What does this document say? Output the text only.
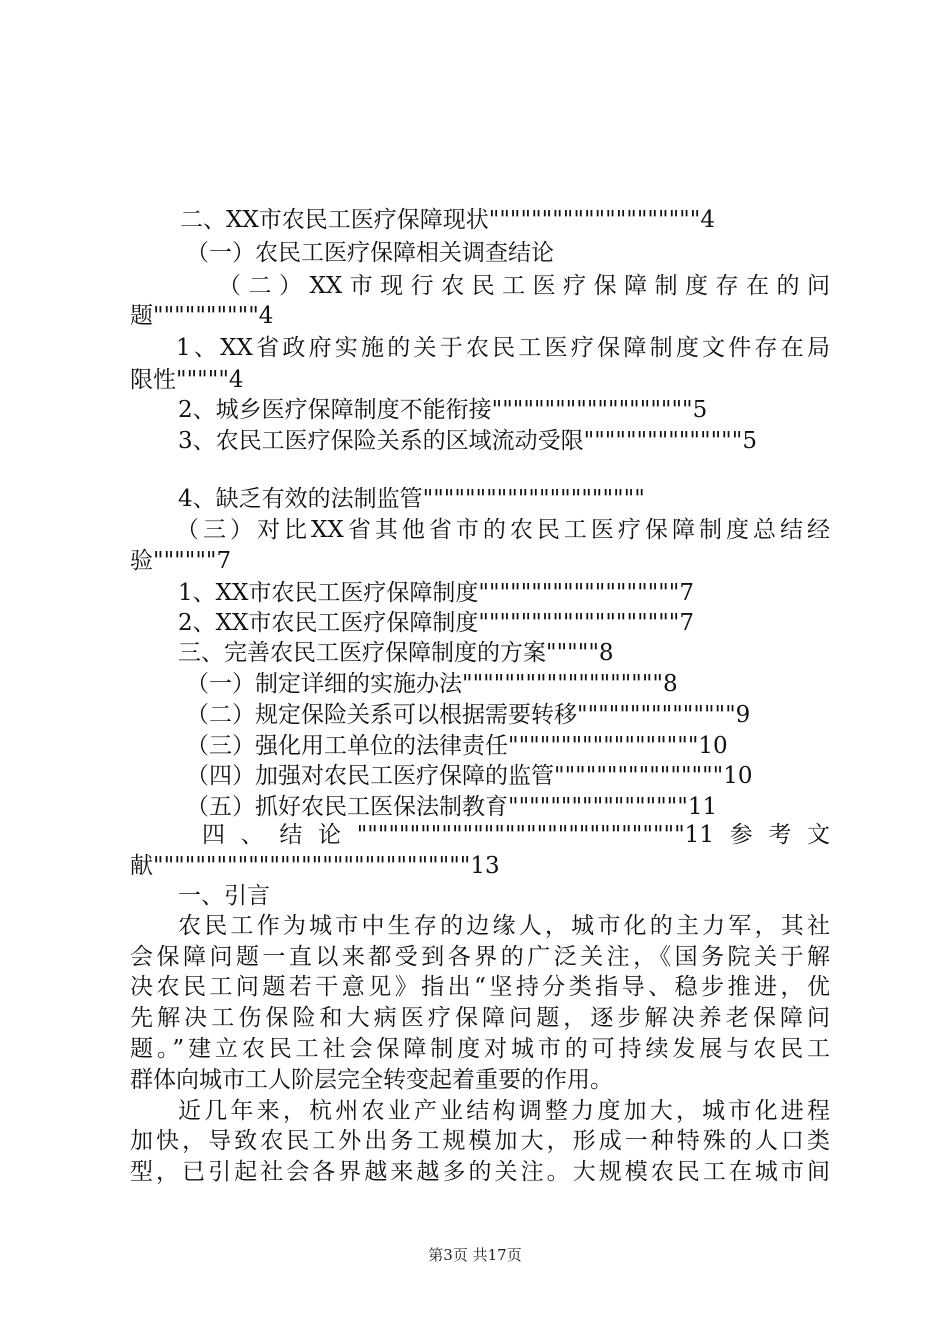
二、XX市农民工医疗保障现状""""""""""""""""""""4
（一）农民工医疗保障相关调查结论
（二）XX市现行农民工医疗保障制度存在的问
题""""""""""4
1、XX省政府实施的关于农民工医疗保障制度文件存在局
限性"""""4
2、城乡医疗保障制度不能衔接"""""""""""""""""""5
3、农民工医疗保险关系的区域流动受限"""""""""""""""5
4、缺乏有效的法制监管"""""""""""""""""""""
（三）对比XX省其他省市的农民工医疗保障制度总结经
验""""""7
1、XX市农民工医疗保障制度"""""""""""""""""""7
2、XX市农民工医疗保障制度"""""""""""""""""""7
三、完善农民工医疗保障制度的方案"""""8
（一）制定详细的实施办法"""""""""""""""""""8
（二）规定保险关系可以根据需要转移"""""""""""""""9
（三）强化用工单位的法律责任""""""""""""""""""10
（四）加强对农民工医疗保障的监管""""""""""""""""10
（五）抓好农民工医保法制教育"""""""""""""""""11
四、结论"""""""""""""""""""""""""""""""11参考文
献""""""""""""""""""""""""""""""13
一、引言
农民工作为城市中生存的边缘人，城市化的主力军，其社
会保障问题一直以来都受到各界的广泛关注，《国务院关于解
决农民工问题若干意见》指出“坚持分类指导、稳步推进，优
先解决工伤保险和大病医疗保障问题，逐步解决养老保障问
题。”建立农民工社会保障制度对城市的可持续发展与农民工
群体向城市工人阶层完全转变起着重要的作用。
近几年来，杭州农业产业结构调整力度加大，城市化进程
加快，导致农民工外出务工规模加大，形成一种特殊的人口类
型，已引起社会各界越来越多的关注。大规模农民工在城市间
第3页 共17页
